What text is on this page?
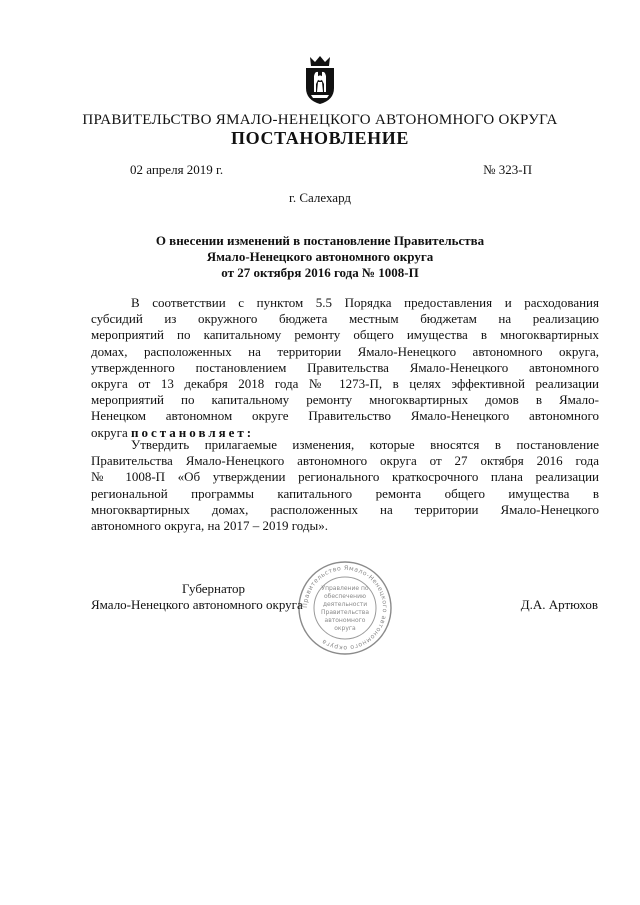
ПРАВИТЕЛЬСТВО ЯМАЛО-НЕНЕЦКОГО АВТОНОМНОГО ОКРУГА
ПОСТАНОВЛЕНИЕ
02 апреля 2019 г.	№ 323-П
г. Салехард
О внесении изменений в постановление Правительства
Ямало-Ненецкого автономного округа
от 27 октября 2016 года № 1008-П
В соответствии с пунктом 5.5 Порядка предоставления и расходования
субсидий из окружного бюджета местным бюджетам на реализацию
мероприятий по капитальному ремонту общего имущества в многоквартирных
домах, расположенных на территории Ямало-Ненецкого автономного округа,
утвержденного постановлением Правительства Ямало-Ненецкого автономного
округа от 13 декабря 2018 года № 1273-П, в целях эффективной реализации
мероприятий по капитальному ремонту многоквартирных домов в Ямало-
Ненецком автономном округе Правительство Ямало-Ненецкого автономного
округа постановляет:
Утвердить прилагаемые изменения, которые вносятся в постановление
Правительства Ямало-Ненецкого автономного округа от 27 октября 2016 года
№ 1008-П «Об утверждении регионального краткосрочного плана реализации
региональной программы капитального ремонта общего имущества в
многоквартирных домах, расположенных на территории Ямало-Ненецкого
автономного округа, на 2017 – 2019 годы».
Правительство Ямало-Ненецкого автономного округа
Управление по
обеспечению
деятельности
Правительства
автономного
округа
Губернатор
Ямало-Ненецкого автономного округа	Д.А. Артюхов
